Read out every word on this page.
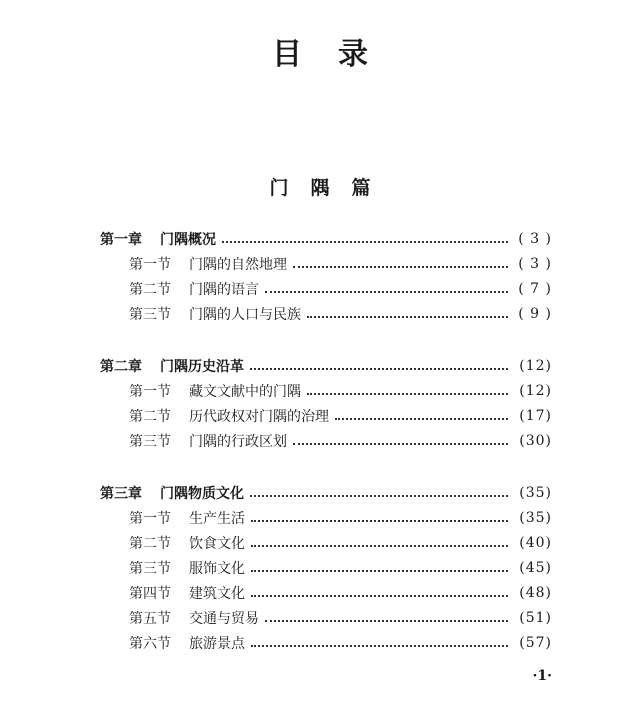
目录
门隅篇
第一章	门隅概况	( 3 )
第一节	门隅的自然地理	( 3 )
第二节	门隅的语言	( 7 )
第三节	门隅的人口与民族	( 9 )
第二章	门隅历史沿革	(12)
第一节	藏文文献中的门隅	(12)
第二节	历代政权对门隅的治理	(17)
第三节	门隅的行政区划	(30)
第三章	门隅物质文化	(35)
第一节	生产生活	(35)
第二节	饮食文化	(40)
第三节	服饰文化	(45)
第四节	建筑文化	(48)
第五节	交通与贸易	(51)
第六节	旅游景点	(57)
·1·
